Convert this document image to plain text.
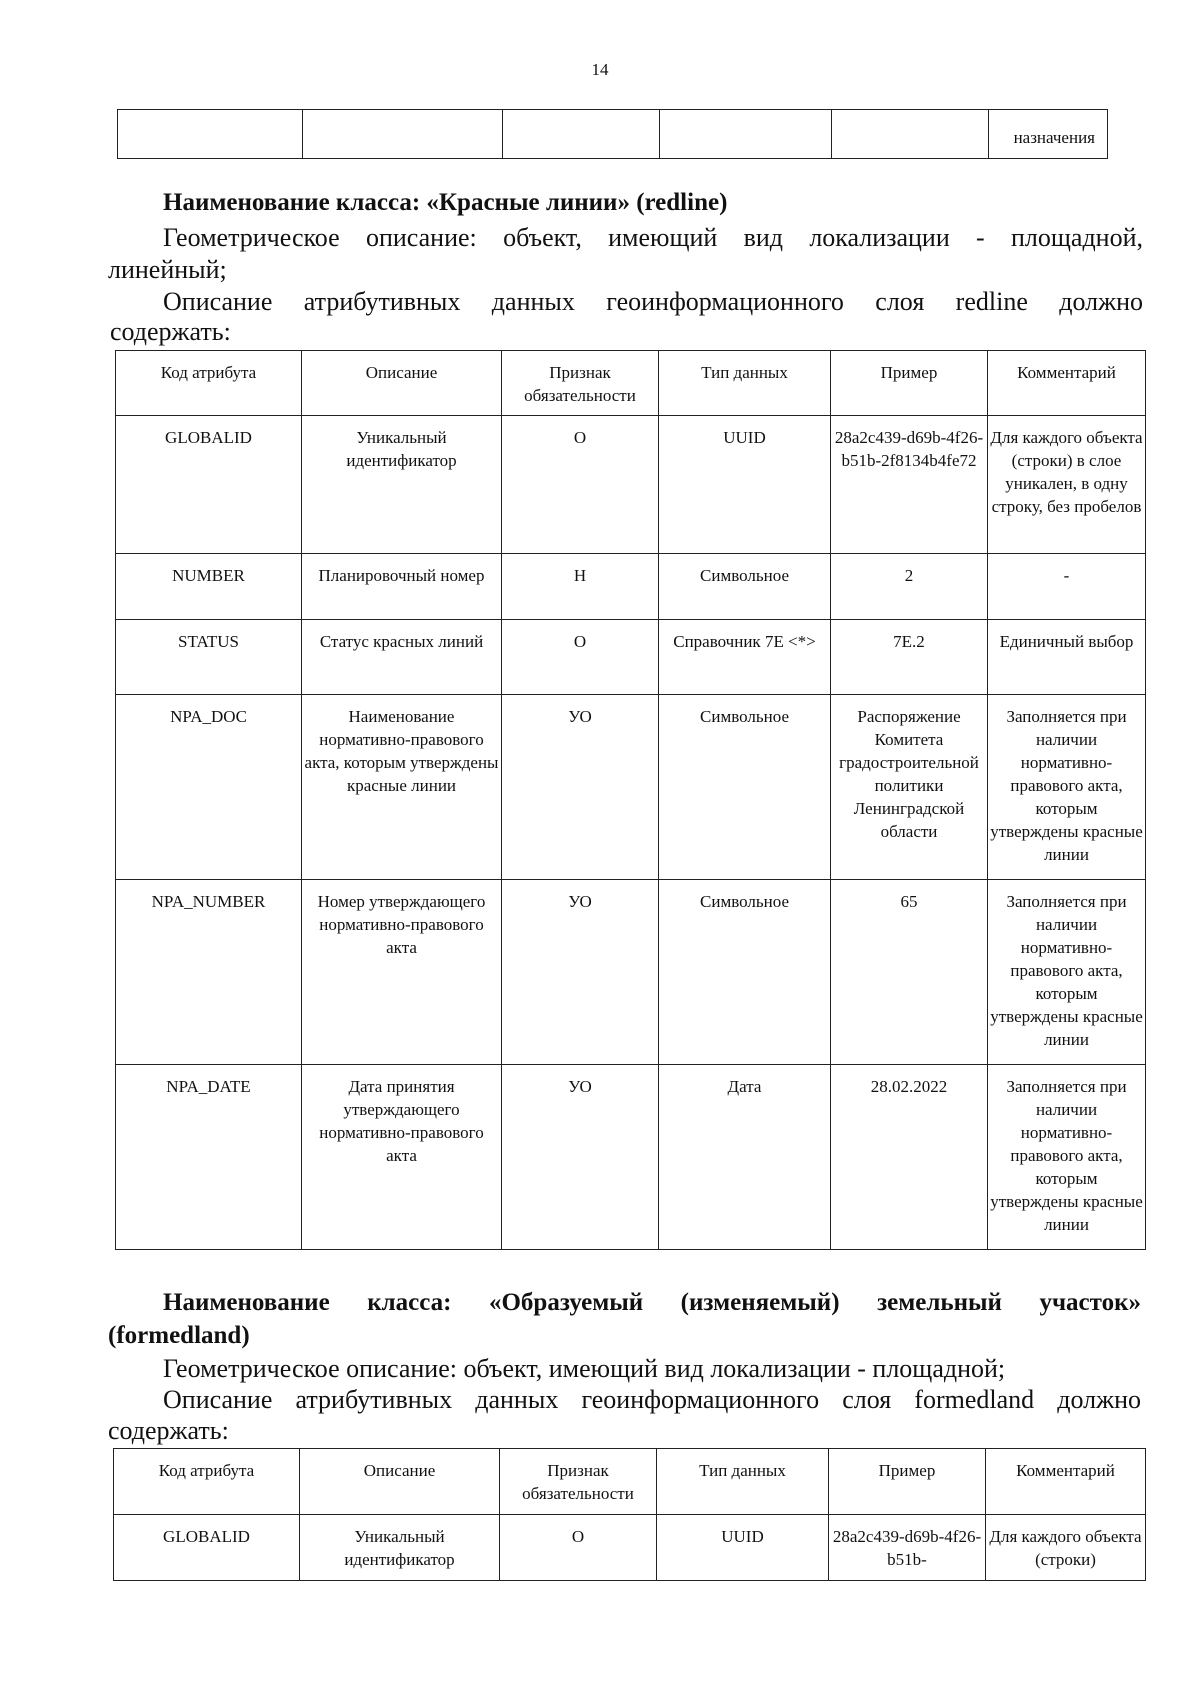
14
					назначения
Наименование класса: «Красные линии» (redline)
Геометрическое описание: объект, имеющий вид локализации - площадной,
линейный;
Описание атрибутивных данных геоинформационного слоя redline должно
содержать:
Код атрибута	Описание	Признак обязательности	Тип данных	Пример	Комментарий
GLOBALID	Уникальный идентификатор	О	UUID	28a2c439-d69b-4f26-b51b-2f8134b4fe72	Для каждого объекта (строки) в слое уникален, в одну строку, без пробелов
NUMBER	Планировочный номер	Н	Символьное	2	-
STATUS	Статус красных линий	О	Справочник 7Е <*>	7Е.2	Единичный выбор
NPA_DOC	Наименование нормативно-правового акта, которым утверждены красные линии	УО	Символьное	Распоряжение Комитета градостроительной политики Ленинградской области	Заполняется при наличии нормативно-правового акта, которым утверждены красные линии
NPA_NUMBER	Номер утверждающего нормативно-правового акта	УО	Символьное	65	Заполняется при наличии нормативно-правового акта, которым утверждены красные линии
NPA_DATE	Дата принятия утверждающего нормативно-правового акта	УО	Дата	28.02.2022	Заполняется при наличии нормативно-правового акта, которым утверждены красные линии
Наименование класса: «Образуемый (изменяемый) земельный участок»
(formedland)
Геометрическое описание: объект, имеющий вид локализации - площадной;
Описание атрибутивных данных геоинформационного слоя formedland должно
содержать:
Код атрибута	Описание	Признак обязательности	Тип данных	Пример	Комментарий
GLOBALID	Уникальный идентификатор	О	UUID	28a2c439-d69b-4f26-b51b-	Для каждого объекта (строки)
